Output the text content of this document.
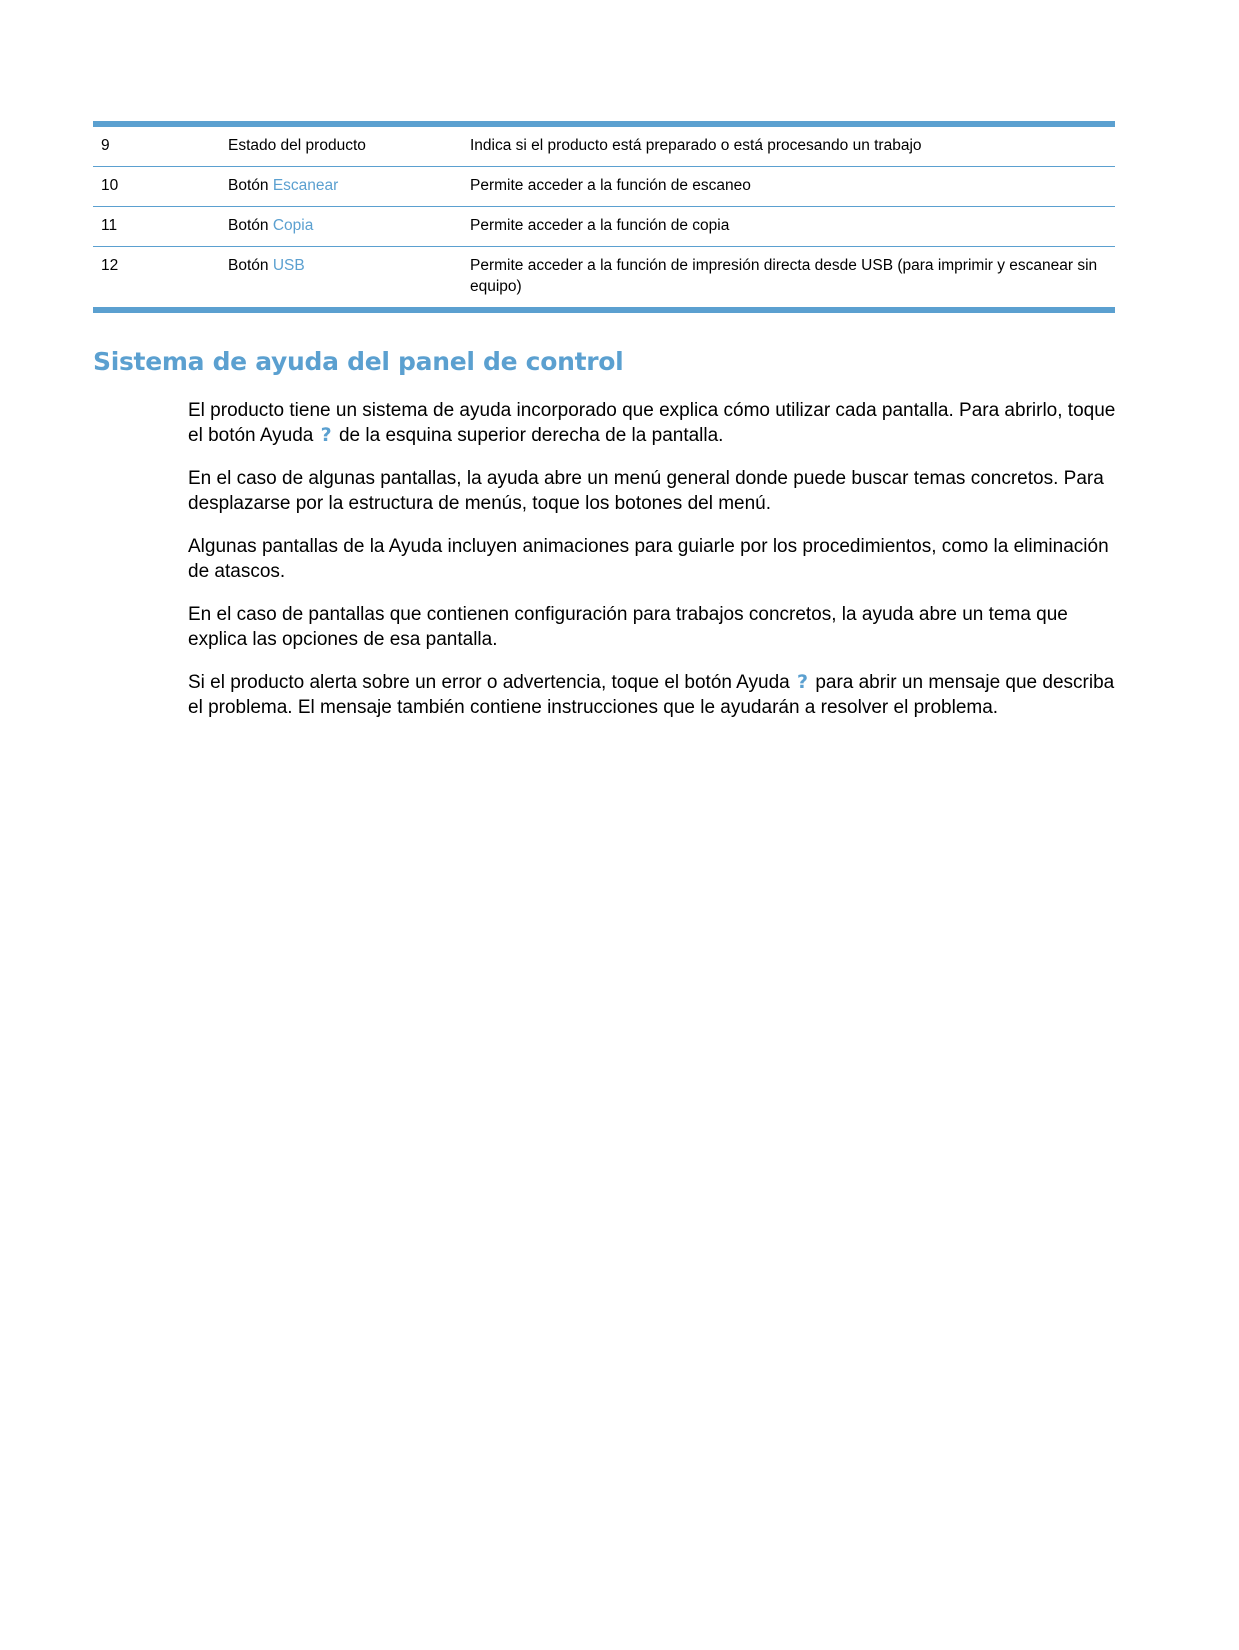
9	Estado del producto	Indica si el producto está preparado o está procesando un trabajo
10	Botón Escanear	Permite acceder a la función de escaneo
11	Botón Copia	Permite acceder a la función de copia
12	Botón USB	Permite acceder a la función de impresión directa desde USB (para imprimir y escanear sin equipo)
Sistema de ayuda del panel de control

El producto tiene un sistema de ayuda incorporado que explica cómo utilizar cada pantalla. Para abrirlo, toque el botón Ayuda ? de la esquina superior derecha de la pantalla.

En el caso de algunas pantallas, la ayuda abre un menú general donde puede buscar temas concretos. Para desplazarse por la estructura de menús, toque los botones del menú.

Algunas pantallas de la Ayuda incluyen animaciones para guiarle por los procedimientos, como la eliminación de atascos.

En el caso de pantallas que contienen configuración para trabajos concretos, la ayuda abre un tema que explica las opciones de esa pantalla.

Si el producto alerta sobre un error o advertencia, toque el botón Ayuda ? para abrir un mensaje que describa el problema. El mensaje también contiene instrucciones que le ayudarán a resolver el problema.
